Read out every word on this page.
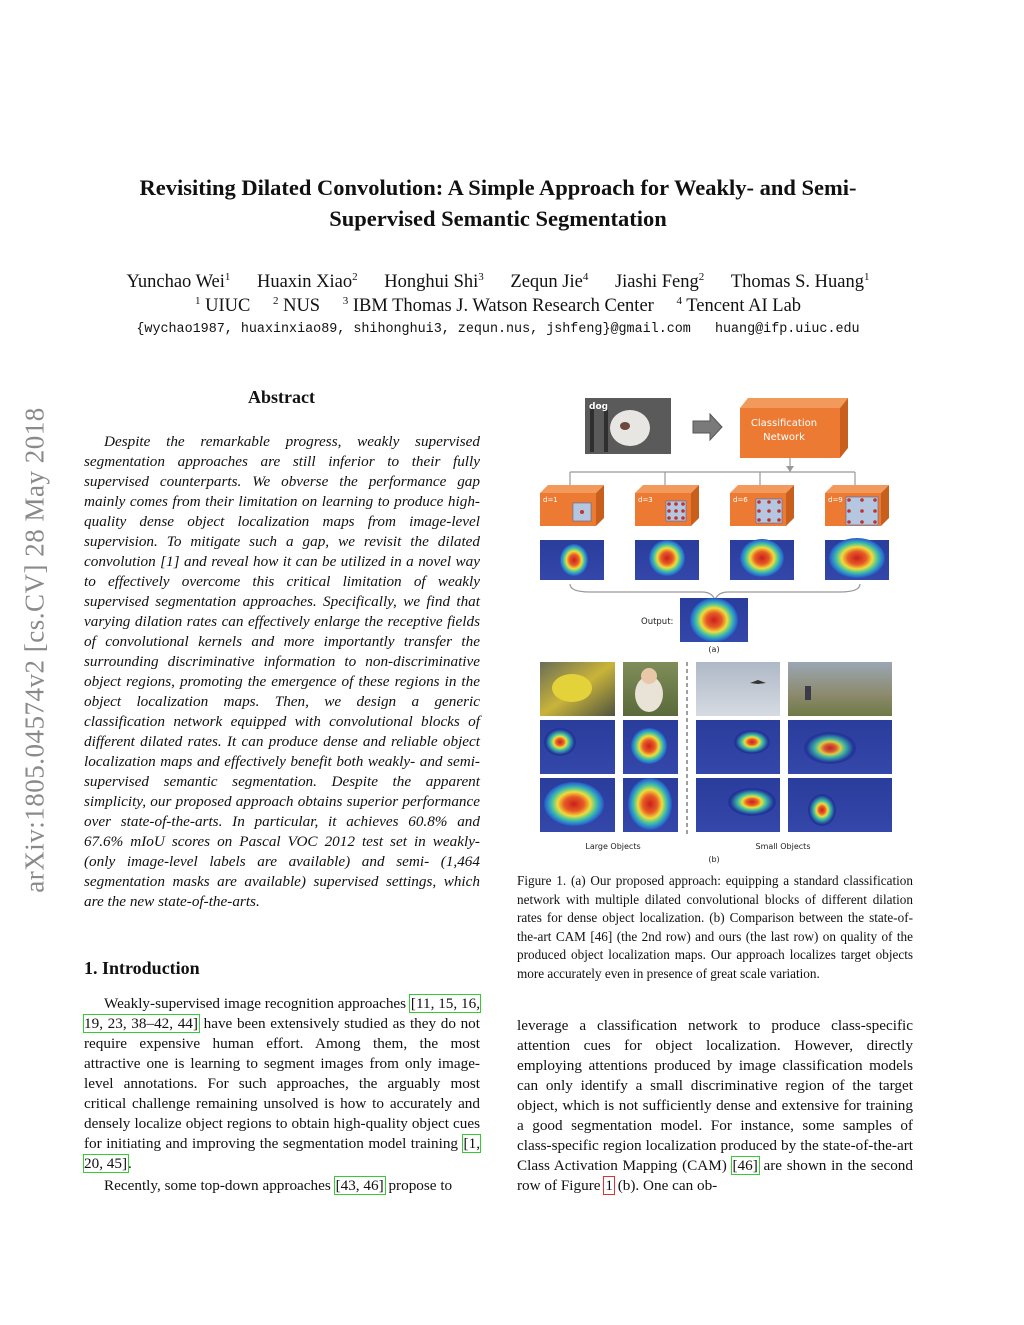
arXiv:1805.04574v2 [cs.CV] 28 May 2018
Revisiting Dilated Convolution: A Simple Approach for Weakly- and Semi-
Supervised Semantic Segmentation
Yunchao Wei$^1$ Huaxin Xiao$^2$ Honghui Shi$^3$ Zequn Jie$^4$ Jiashi Feng$^2$ Thomas S. Huang$^1$
$^1$ UIUC $^2$ NUS $^3$ IBM Thomas J. Watson Research Center $^4$ Tencent AI Lab
{wychao1987, huaxinxiao89, shihonghui3, zequn.nus, jshfeng}@gmail.com huang@ifp.uiuc.edu
Abstract

Despite the remarkable progress, weakly supervised segmentation approaches are still inferior to their fully supervised counterparts. We obverse the performance gap mainly comes from their limitation on learning to produce high-quality dense object localization maps from image-level supervision. To mitigate such a gap, we revisit the dilated convolution [1] and reveal how it can be utilized in a novel way to effectively overcome this critical limitation of weakly supervised segmentation approaches. Specifically, we find that varying dilation rates can effectively enlarge the receptive fields of convolutional kernels and more importantly transfer the surrounding discriminative information to non-discriminative object regions, promoting the emergence of these regions in the object localization maps. Then, we design a generic classification network equipped with convolutional blocks of different dilated rates. It can produce dense and reliable object localization maps and effectively benefit both weakly- and semi- supervised semantic segmentation. Despite the apparent simplicity, our proposed approach obtains superior performance over state-of-the-arts. In particular, it achieves 60.8% and 67.6% mIoU scores on Pascal VOC 2012 test set in weakly- (only image-level labels are available) and semi- (1,464 segmentation masks are available) supervised settings, which are the new state-of-the-arts.

1. Introduction

Weakly-supervised image recognition approaches [11, 15, 16, 19, 23, 38–42, 44] have been extensively studied as they do not require expensive human effort. Among them, the most attractive one is learning to segment images from only image-level annotations. For such approaches, the arguably most critical challenge remaining unsolved is how to accurately and densely localize object regions to obtain high-quality object cues for initiating and improving the segmentation model training [1, 20, 45].

Recently, some top-down approaches [43, 46] propose to

dog
Classification
Network
d=1	d=3	d=6	d=9
Output:
(a)
Large Objects	Small Objects
(b)
Figure 1. (a) Our proposed approach: equipping a standard classification network with multiple dilated convolutional blocks of different dilation rates for dense object localization. (b) Comparison between the state-of-the-art CAM [46] (the 2nd row) and ours (the last row) on quality of the produced object localization maps. Our approach localizes target objects more accurately even in presence of great scale variation.

leverage a classification network to produce class-specific attention cues for object localization. However, directly employing attentions produced by image classification models can only identify a small discriminative region of the target object, which is not sufficiently dense and extensive for training a good segmentation model. For instance, some samples of class-specific region localization produced by the state-of-the-art Class Activation Mapping (CAM) [46] are shown in the second row of Figure 1 (b). One can ob-
